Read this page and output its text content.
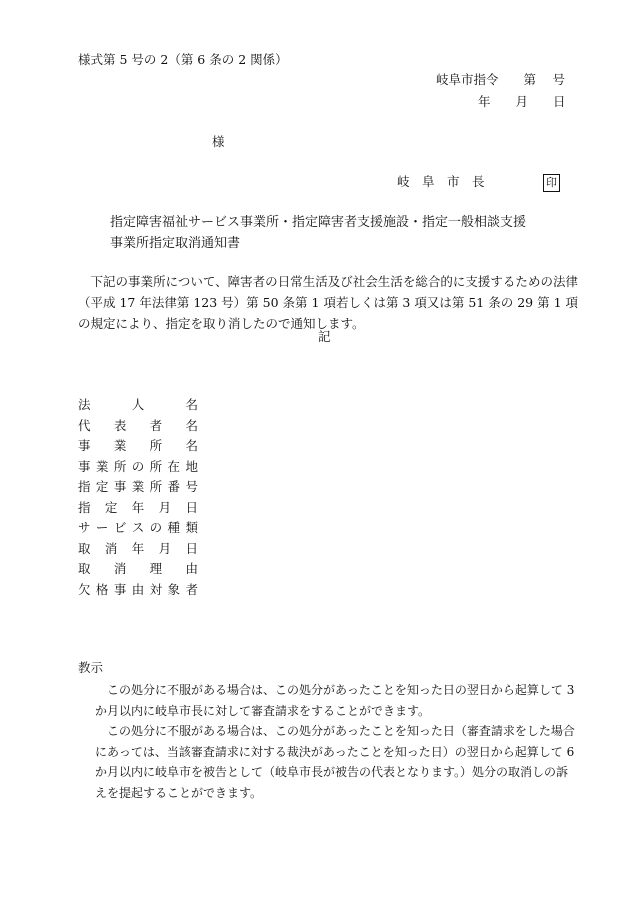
様式第 5 号の 2（第 6 条の 2 関係）
岐阜市指令　　第　 号
年　　月　　日
様
岐　阜　市　長	印
指定障害福祉サービス事業所・指定障害者支援施設・指定一般相談支援
事業所指定取消通知書
　下記の事業所について、障害者の日常生活及び社会生活を総合的に支援するための法律（平成 17 年法律第 123 号）第 50 条第 1 項若しくは第 3 項又は第 51 条の 29 第 1 項の規定により、指定を取り消したので通知します。
記
法	人	名
代 表 者 名
事 業 所 名
事 業 所 の 所 在 地
指 定 事 業 所 番 号
指 定 年 月 日
サ ー ビ ス の 種 類
取 消 年 月 日
取 消 理 由
欠 格 事 由 対 象 者
教示
　この処分に不服がある場合は、この処分があったことを知った日の翌日から起算して 3 か月以内に岐阜市長に対して審査請求をすることができます。
　この処分に不服がある場合は、この処分があったことを知った日（審査請求をした場合にあっては、当該審査請求に対する裁決があったことを知った日）の翌日から起算して 6 か月以内に岐阜市を被告として（岐阜市長が被告の代表となります。）処分の取消しの訴えを提起することができます。
